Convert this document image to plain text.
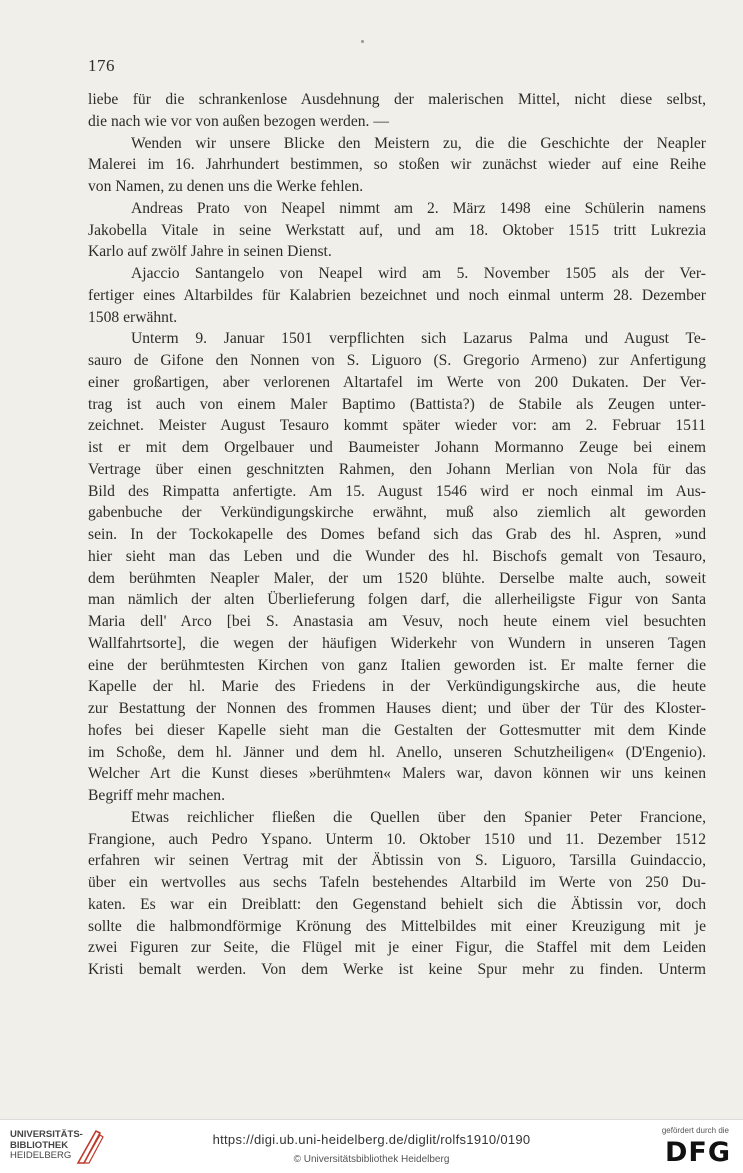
176
liebe für die schrankenlose Ausdehnung der malerischen Mittel, nicht diese selbst,
die nach wie vor von außen bezogen werden. —
Wenden wir unsere Blicke den Meistern zu, die die Geschichte der Neapler
Malerei im 16. Jahrhundert bestimmen, so stoßen wir zunächst wieder auf eine Reihe
von Namen, zu denen uns die Werke fehlen.
Andreas Prato von Neapel nimmt am 2. März 1498 eine Schülerin namens
Jakobella Vitale in seine Werkstatt auf, und am 18. Oktober 1515 tritt Lukrezia
Karlo auf zwölf Jahre in seinen Dienst.
Ajaccio Santangelo von Neapel wird am 5. November 1505 als der Ver-
fertiger eines Altarbildes für Kalabrien bezeichnet und noch einmal unterm 28. Dezember
1508 erwähnt.
Unterm 9. Januar 1501 verpflichten sich Lazarus Palma und August Te-
sauro de Gifone den Nonnen von S. Liguoro (S. Gregorio Armeno) zur Anfertigung
einer großartigen, aber verlorenen Altartafel im Werte von 200 Dukaten. Der Ver-
trag ist auch von einem Maler Baptimo (Battista?) de Stabile als Zeugen unter-
zeichnet. Meister August Tesauro kommt später wieder vor: am 2. Februar 1511
ist er mit dem Orgelbauer und Baumeister Johann Mormanno Zeuge bei einem
Vertrage über einen geschnitzten Rahmen, den Johann Merlian von Nola für das
Bild des Rimpatta anfertigte. Am 15. August 1546 wird er noch einmal im Aus-
gabenbuche der Verkündigungskirche erwähnt, muß also ziemlich alt geworden
sein. In der Tockokapelle des Domes befand sich das Grab des hl. Aspren, »und
hier sieht man das Leben und die Wunder des hl. Bischofs gemalt von Tesauro,
dem berühmten Neapler Maler, der um 1520 blühte. Derselbe malte auch, soweit
man nämlich der alten Überlieferung folgen darf, die allerheiligste Figur von Santa
Maria dell' Arco [bei S. Anastasia am Vesuv, noch heute einem viel besuchten
Wallfahrtsorte], die wegen der häufigen Widerkehr von Wundern in unseren Tagen
eine der berühmtesten Kirchen von ganz Italien geworden ist. Er malte ferner die
Kapelle der hl. Marie des Friedens in der Verkündigungskirche aus, die heute
zur Bestattung der Nonnen des frommen Hauses dient; und über der Tür des Kloster-
hofes bei dieser Kapelle sieht man die Gestalten der Gottesmutter mit dem Kinde
im Schoße, dem hl. Jänner und dem hl. Anello, unseren Schutzheiligen« (D'Engenio).
Welcher Art die Kunst dieses »berühmten« Malers war, davon können wir uns keinen
Begriff mehr machen.
Etwas reichlicher fließen die Quellen über den Spanier Peter Francione,
Frangione, auch Pedro Yspano. Unterm 10. Oktober 1510 und 11. Dezember 1512
erfahren wir seinen Vertrag mit der Äbtissin von S. Liguoro, Tarsilla Guindaccio,
über ein wertvolles aus sechs Tafeln bestehendes Altarbild im Werte von 250 Du-
katen. Es war ein Dreiblatt: den Gegenstand behielt sich die Äbtissin vor, doch
sollte die halbmondförmige Krönung des Mittelbildes mit einer Kreuzigung mit je
zwei Figuren zur Seite, die Flügel mit je einer Figur, die Staffel mit dem Leiden
Kristi bemalt werden. Von dem Werke ist keine Spur mehr zu finden. Unterm
UNIVERSITÄTS-
BIBLIOTHEK
HEIDELBERG
https://digi.ub.uni-heidelberg.de/diglit/rolfs1910/0190
© Universitätsbibliothek Heidelberg
gefördert durch die
DFG
